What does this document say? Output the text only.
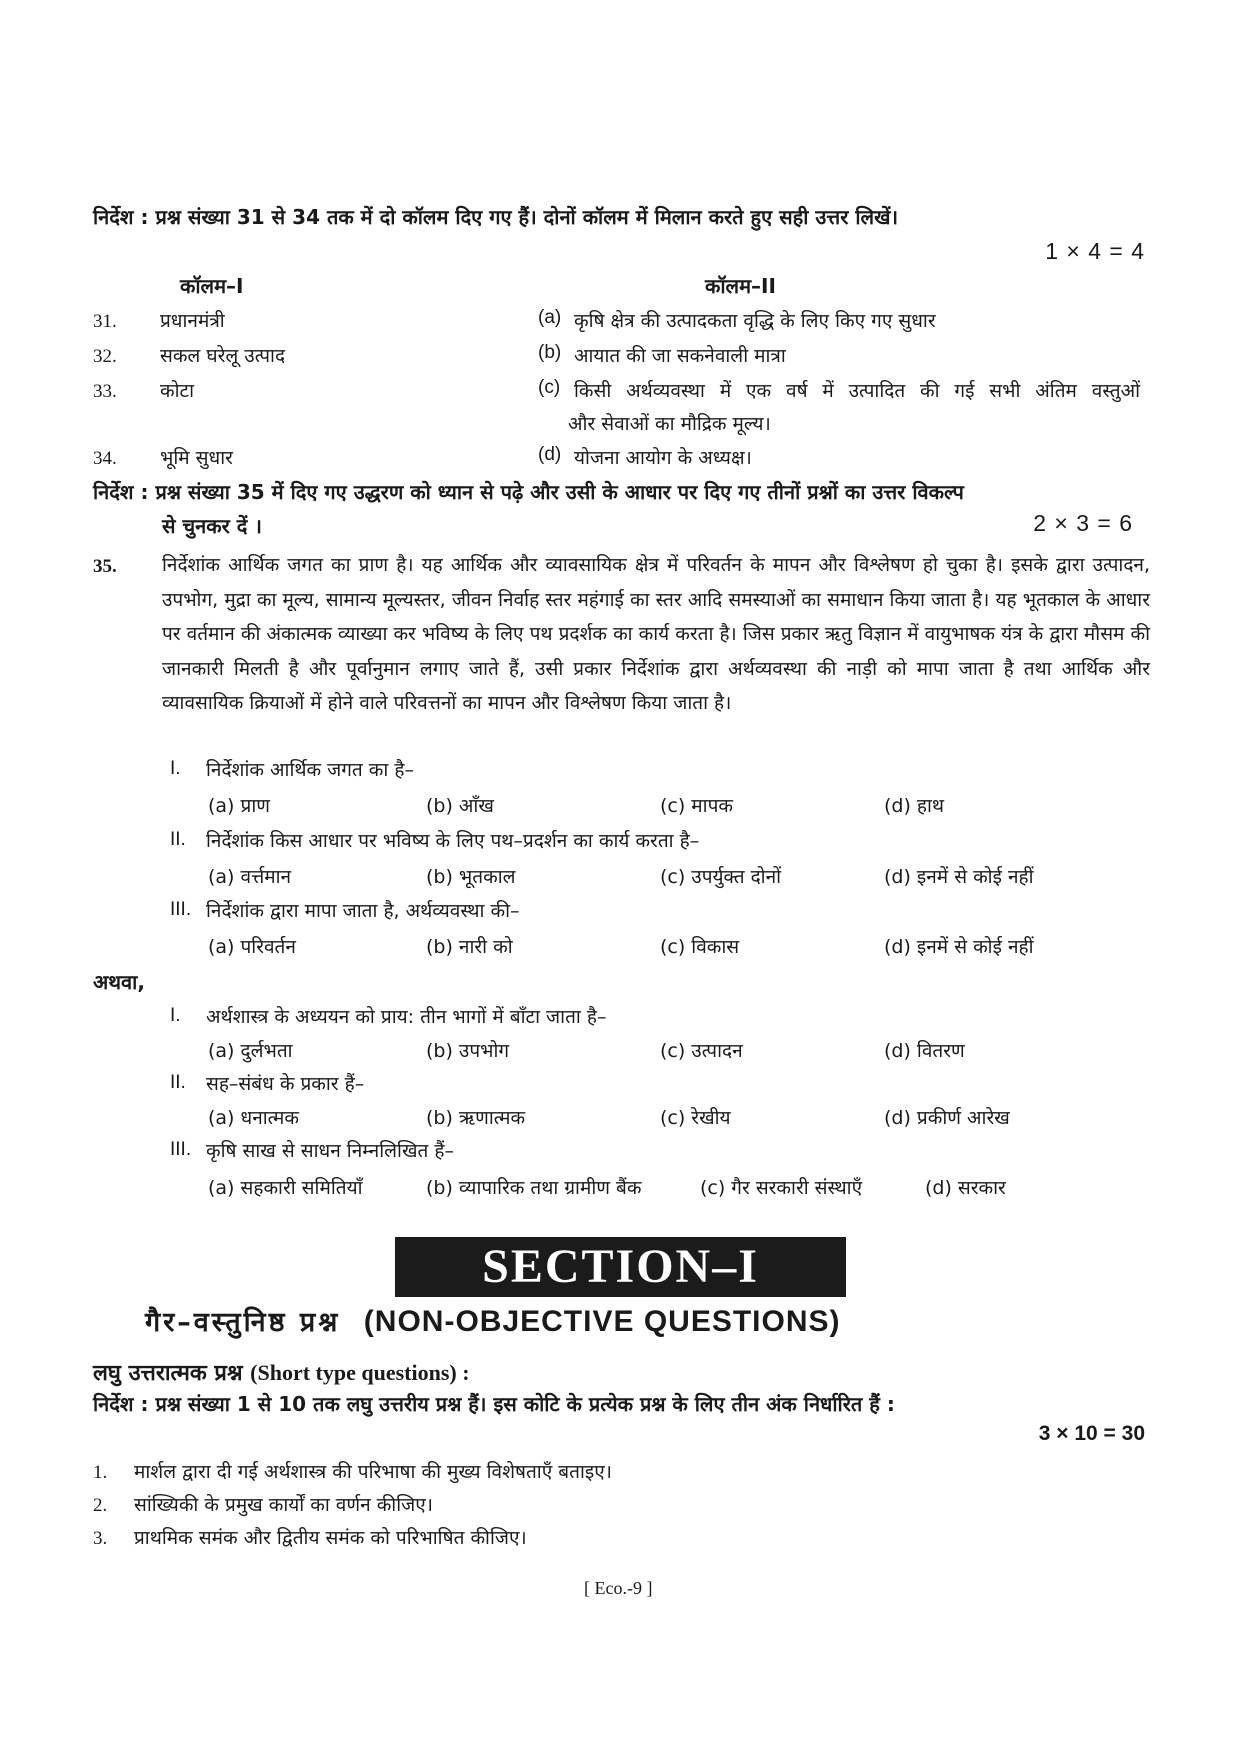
निर्देश : प्रश्न संख्या 31 से 34 तक में दो कॉलम दिए गए हैं। दोनों कॉलम में मिलान करते हुए सही उत्तर लिखें।
1 × 4 = 4
कॉलम–I	कॉलम–II
31. प्रधानमंत्री	(a) कृषि क्षेत्र की उत्पादकता वृद्धि के लिए किए गए सुधार
32. सकल घरेलू उत्पाद	(b) आयात की जा सकनेवाली मात्रा
33. कोटा	(c) किसी अर्थव्यवस्था में एक वर्ष में उत्पादित की गई सभी अंतिम वस्तुओं
और सेवाओं का मौद्रिक मूल्य।
34. भूमि सुधार	(d) योजना आयोग के अध्यक्ष।
निर्देश : प्रश्न संख्या 35 में दिए गए उद्धरण को ध्यान से पढ़े और उसी के आधार पर दिए गए तीनों प्रश्नों का उत्तर विकल्प
से चुनकर दें ।	2 × 3 = 6
35. निर्देशांक आर्थिक जगत का प्राण है। यह आर्थिक और व्यावसायिक क्षेत्र में परिवर्तन के मापन और विश्लेषण हो चुका है। इसके द्वारा उत्पादन, उपभोग, मुद्रा का मूल्य, सामान्य मूल्यस्तर, जीवन निर्वाह स्तर महंगाई का स्तर आदि समस्याओं का समाधान किया जाता है। यह भूतकाल के आधार पर वर्तमान की अंकात्मक व्याख्या कर भविष्य के लिए पथ प्रदर्शक का कार्य करता है। जिस प्रकार ऋतु विज्ञान में वायुभाषक यंत्र के द्वारा मौसम की जानकारी मिलती है और पूर्वानुमान लगाए जाते हैं, उसी प्रकार निर्देशांक द्वारा अर्थव्यवस्था की नाड़ी को मापा जाता है तथा आर्थिक और व्यावसायिक क्रियाओं में होने वाले परिवत्तनों का मापन और विश्लेषण किया जाता है।
I. निर्देशांक आर्थिक जगत का है–
(a) प्राण	(b) आँख	(c) मापक	(d) हाथ
II. निर्देशांक किस आधार पर भविष्य के लिए पथ–प्रदर्शन का कार्य करता है–
(a) वर्त्तमान	(b) भूतकाल	(c) उपर्युक्त दोनों	(d) इनमें से कोई नहीं
III. निर्देशांक द्वारा मापा जाता है, अर्थव्यवस्था की–
(a) परिवर्तन	(b) नारी को	(c) विकास	(d) इनमें से कोई नहीं
अथवा,
I. अर्थशास्त्र के अध्ययन को प्राय: तीन भागों में बाँटा जाता है–
(a) दुर्लभता	(b) उपभोग	(c) उत्पादन	(d) वितरण
II. सह–संबंध के प्रकार हैं–
(a) धनात्मक	(b) ऋणात्मक	(c) रेखीय	(d) प्रकीर्ण आरेख
III. कृषि साख से साधन निम्नलिखित हैं–
(a) सहकारी समितियाँ	(b) व्यापारिक तथा ग्रामीण बैंक	(c) गैर सरकारी संस्थाएँ	(d) सरकार
SECTION–I
गैर–वस्तुनिष्ठ प्रश्न (NON-OBJECTIVE QUESTIONS)
लघु उत्तरात्मक प्रश्न (Short type questions) :
निर्देश : प्रश्न संख्या 1 से 10 तक लघु उत्तरीय प्रश्न हैं। इस कोटि के प्रत्येक प्रश्न के लिए तीन अंक निर्धारित हैं :
3 × 10 = 30
1. मार्शल द्वारा दी गई अर्थशास्त्र की परिभाषा की मुख्य विशेषताएँ बताइए।
2. सांख्यिकी के प्रमुख कार्यों का वर्णन कीजिए।
3. प्राथमिक समंक और द्वितीय समंक को परिभाषित कीजिए।
[ Eco.-9 ]
